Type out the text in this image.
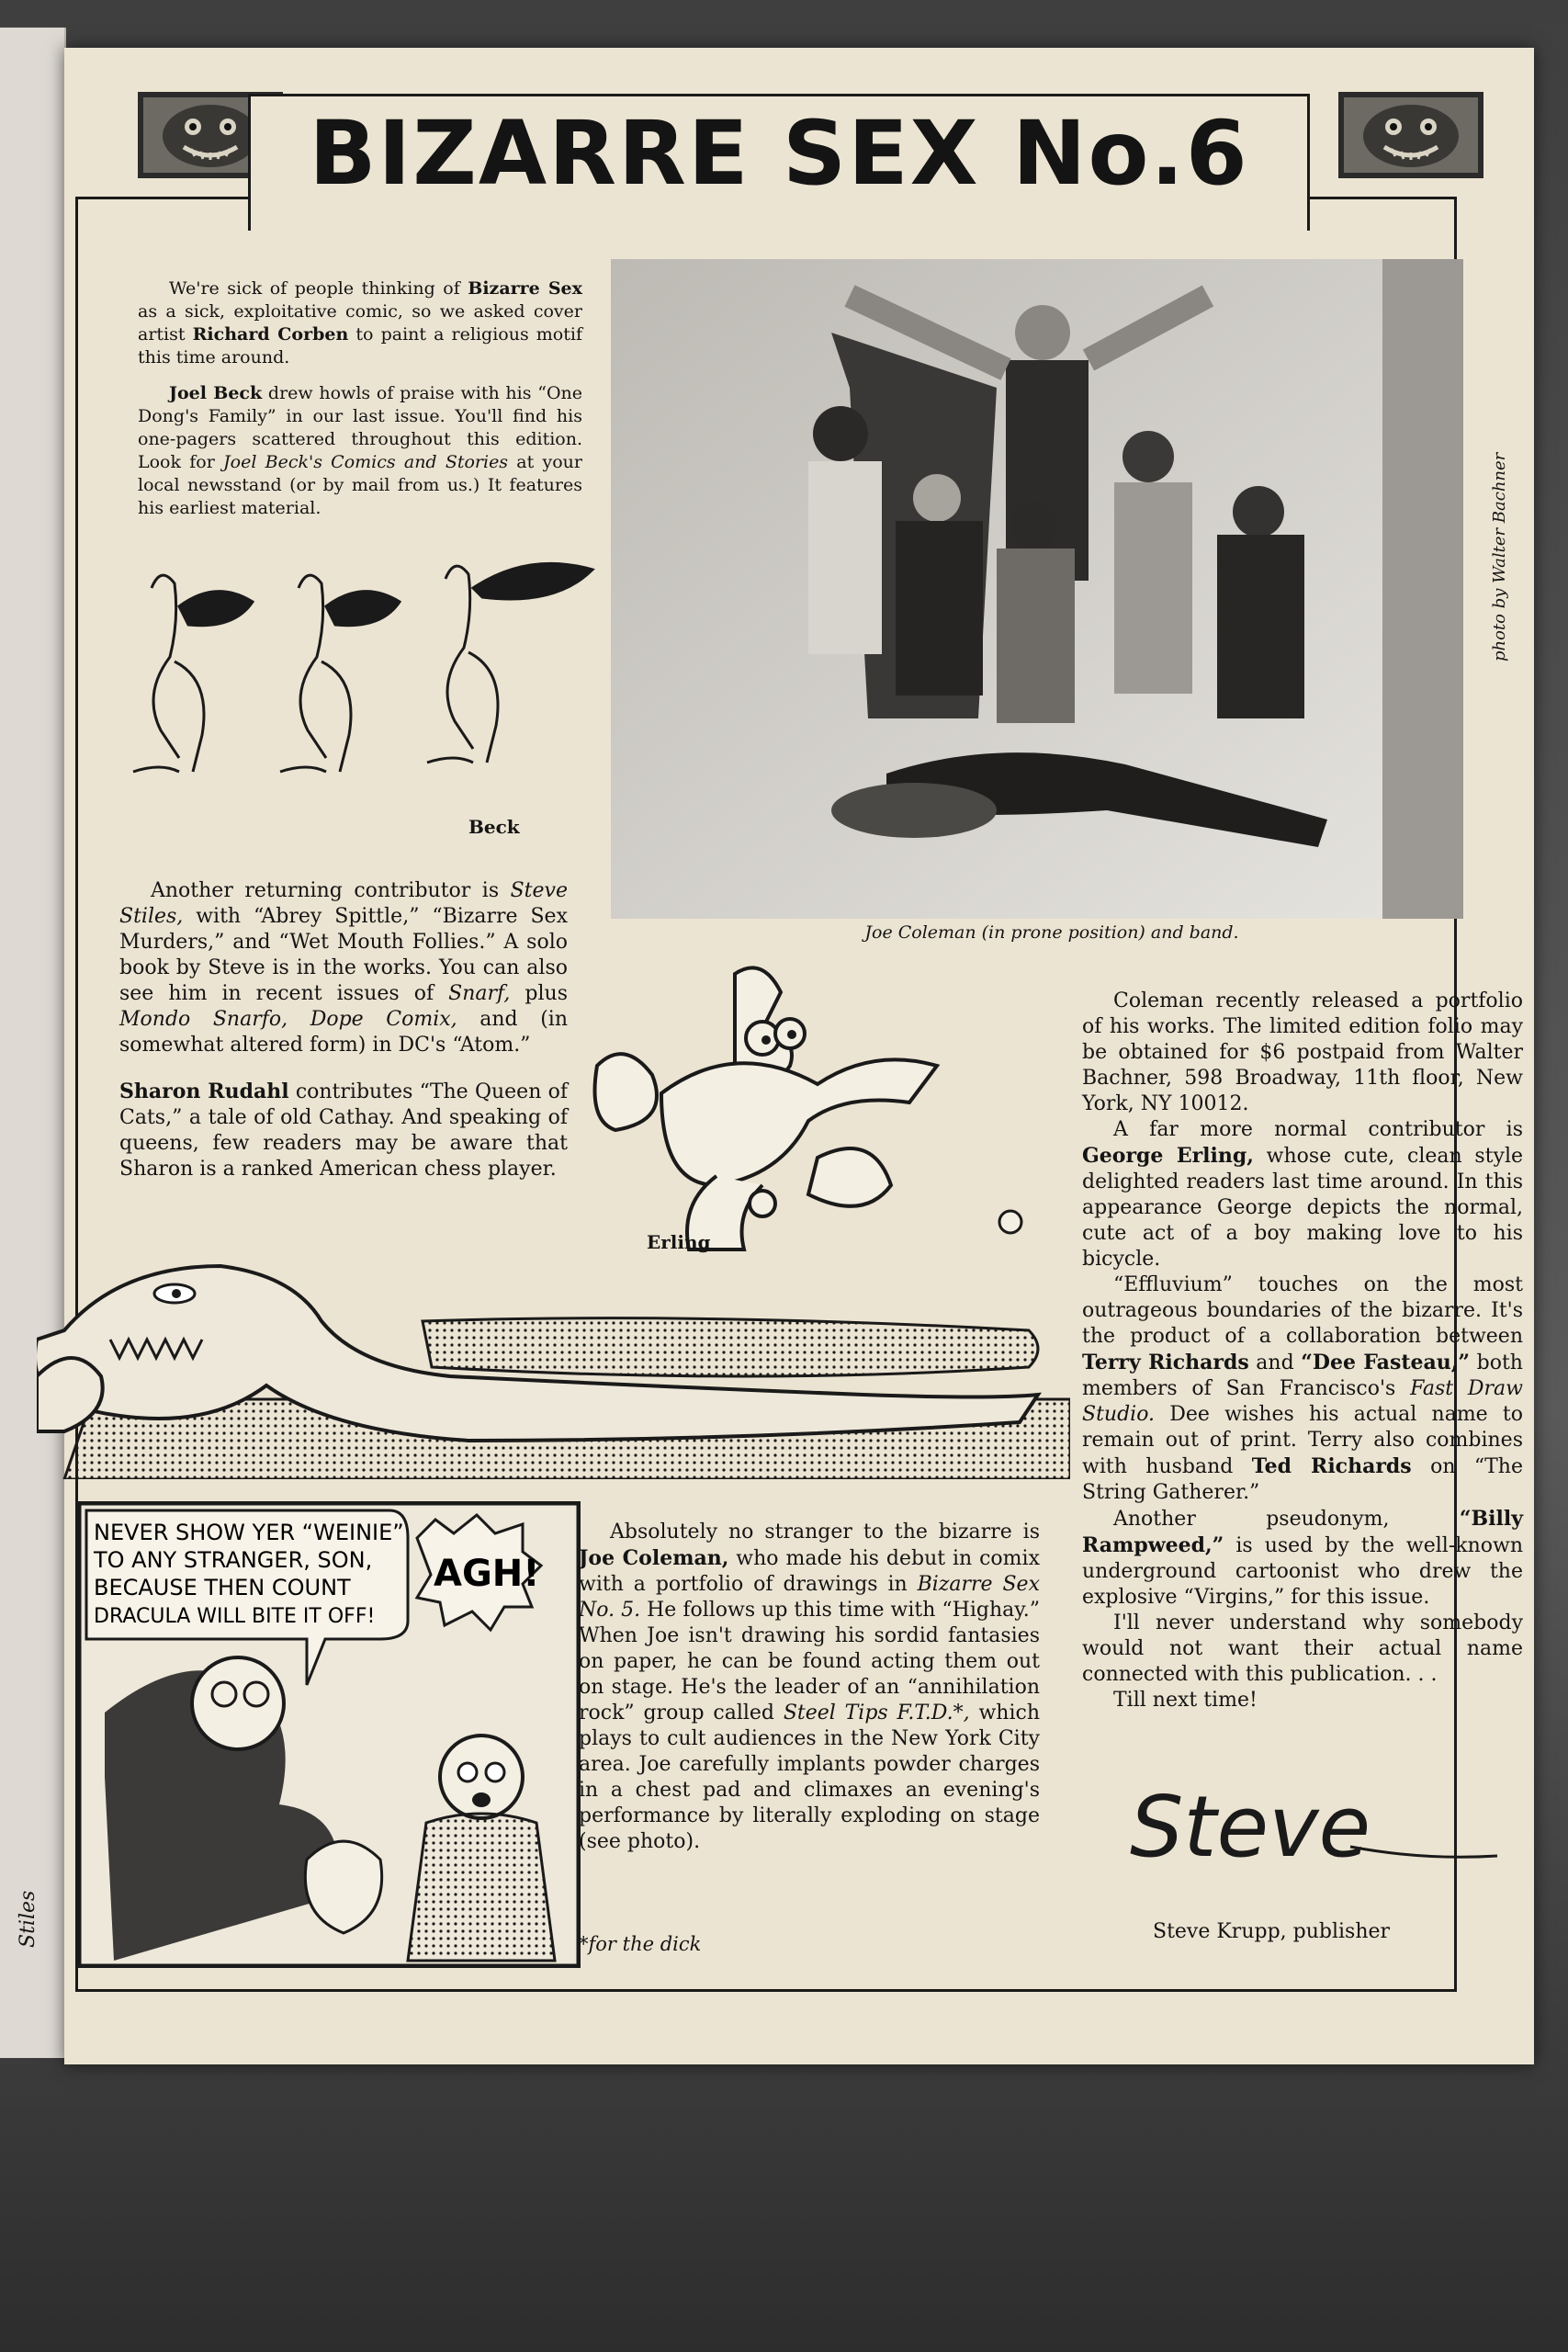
BIZARRE SEX No.6

We're sick of people thinking of Bizarre Sex as a sick, exploitative comic, so we asked cover artist Richard Corben to paint a religious motif this time around.

Joel Beck drew howls of praise with his “One Dong's Family” in our last issue. You'll find his one-pagers scattered throughout this edition. Look for Joel Beck's Comics and Stories at your local newsstand (or by mail from us.) It features his earliest material.

Beck
photo by Walter Bachner
Joe Coleman (in prone position) and band.

Another returning contributor is Steve Stiles, with “Abrey Spittle,” “Bizarre Sex Murders,” and “Wet Mouth Follies.” A solo book by Steve is in the works. You can also see him in recent issues of Snarf, plus Mondo Snarfo, Dope Comix, and (in somewhat altered form) in DC's “Atom.”

Sharon Rudahl contributes “The Queen of Cats,” a tale of old Cathay. And speaking of queens, few readers may be aware that Sharon is a ranked American chess player.

Erling
NEVER SHOW YER “WEINIE”
TO ANY STRANGER, SON,
BECAUSE THEN COUNT
DRACULA WILL BITE IT OFF!
AGH!

Absolutely no stranger to the bizarre is Joe Coleman, who made his debut in comix with a portfolio of drawings in Bizarre Sex No. 5. He follows up this time with “Highay.” When Joe isn't drawing his sordid fantasies on paper, he can be found acting them out on stage. He's the leader of an “annihilation rock” group called Steel Tips F.T.D.*, which plays to cult audiences in the New York City area. Joe carefully implants powder charges in a chest pad and climaxes an evening's performance by literally exploding on stage (see photo).

*for the dick

Coleman recently released a portfolio of his works. The limited edition folio may be obtained for $6 postpaid from Walter Bachner, 598 Broadway, 11th floor, New York, NY 10012.

A far more normal contributor is George Erling, whose cute, clean style delighted readers last time around. In this appearance George depicts the normal, cute act of a boy making love to his bicycle.

“Effluvium” touches on the most outrageous boundaries of the bizarre. It's the product of a collaboration between Terry Richards and “Dee Fasteau,” both members of San Francisco's Fast Draw Studio. Dee wishes his actual name to remain out of print. Terry also combines with husband Ted Richards on “The String Gatherer.”

Another pseudonym, “Billy Rampweed,” is used by the well-known underground cartoonist who drew the explosive “Virgins,” for this issue.

I'll never understand why somebody would not want their actual name connected with this publication. . .

Till next time!

Steve
Steve Krupp, publisher
Stiles
